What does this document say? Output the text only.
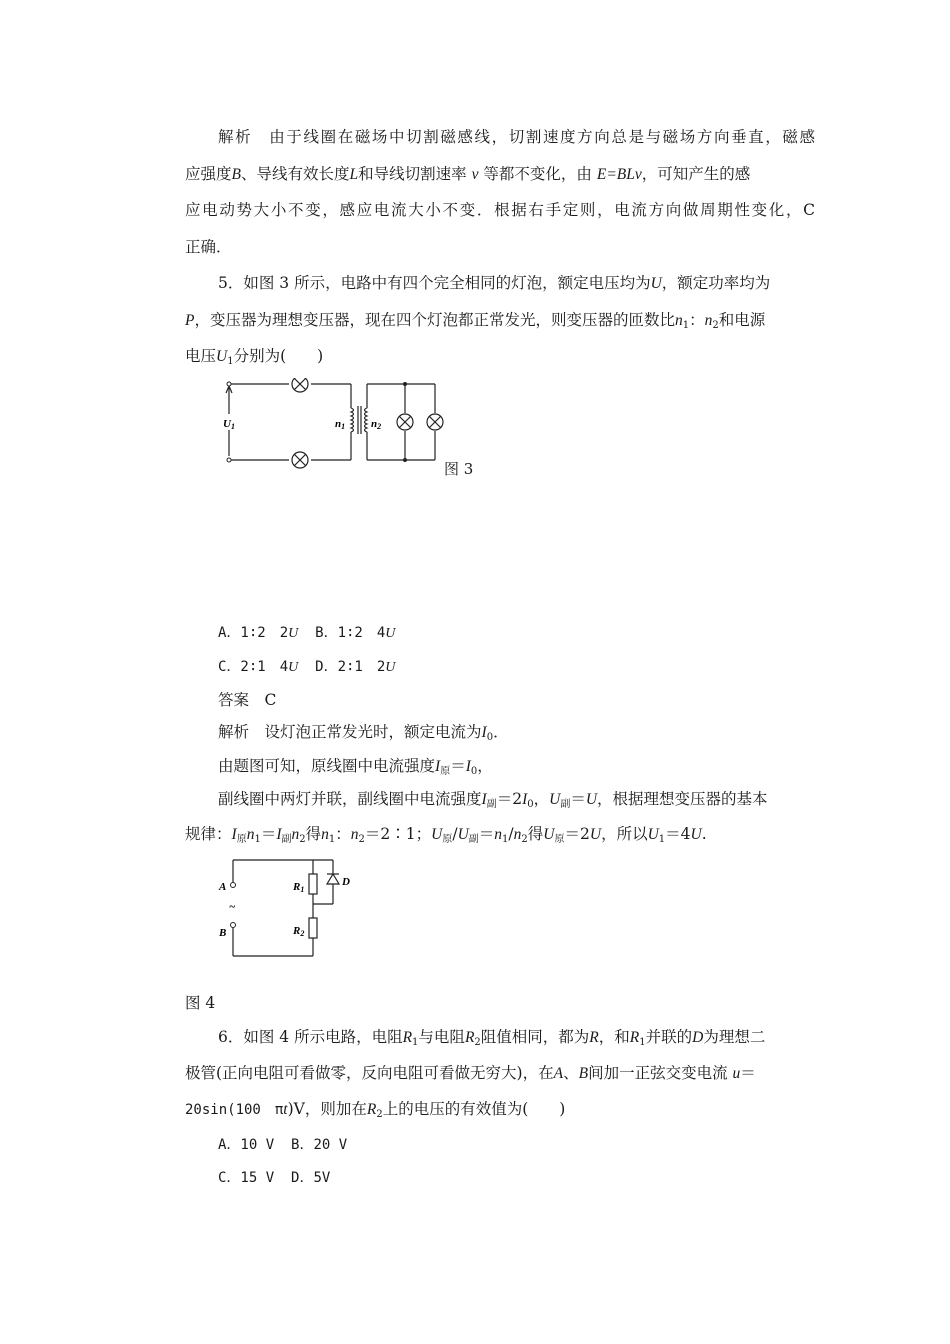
解析　由于线圈在磁场中切割磁感线，切割速度方向总是与磁场方向垂直，磁感
应强度B、导线有效长度L和导线切割速率 v 等都不变化，由 E=BLv，可知产生的感
应电动势大小不变，感应电流大小不变．根据右手定则，电流方向做周期性变化，C
正确．
5．如图 3 所示，电路中有四个完全相同的灯泡，额定电压均为U，额定功率均为
P，变压器为理想变压器，现在四个灯泡都正常发光，则变压器的匝数比$n_1$：$n_2$和电源
电压$U_1$分别为(　　)
U1	n1 n2
图 3
A．1∶2　2U B．1∶2　4U
C．2∶1　4U D．2∶1　2U
答案　C
解析　设灯泡正常发光时，额定电流为$I_0$．
由题图可知，原线圈中电流强度$I_原=I_0$，
副线圈中两灯并联，副线圈中电流强度$I_副=2I_0$，$U_副=U$，根据理想变压器的基本
规律：$I_原n_1=I_副n_2$得$n_1$：$n_2=2∶1$；$U_原/U_副=n_1/n_2$得$U_原=2U$，所以$U_1=4U$.
A
~
B
R1
R2
D
图 4
6．如图 4 所示电路，电阻$R_1$与电阻$R_2$阻值相同，都为R，和$R_1$并联的D为理想二
极管(正向电阻可看做零，反向电阻可看做无穷大)，在A、B间加一正弦交变电流 u＝
20sin(100　πt)V，则加在$R_2$上的电压的有效值为(　　)
A．10 V B．20 V
C．15 V D．5V
